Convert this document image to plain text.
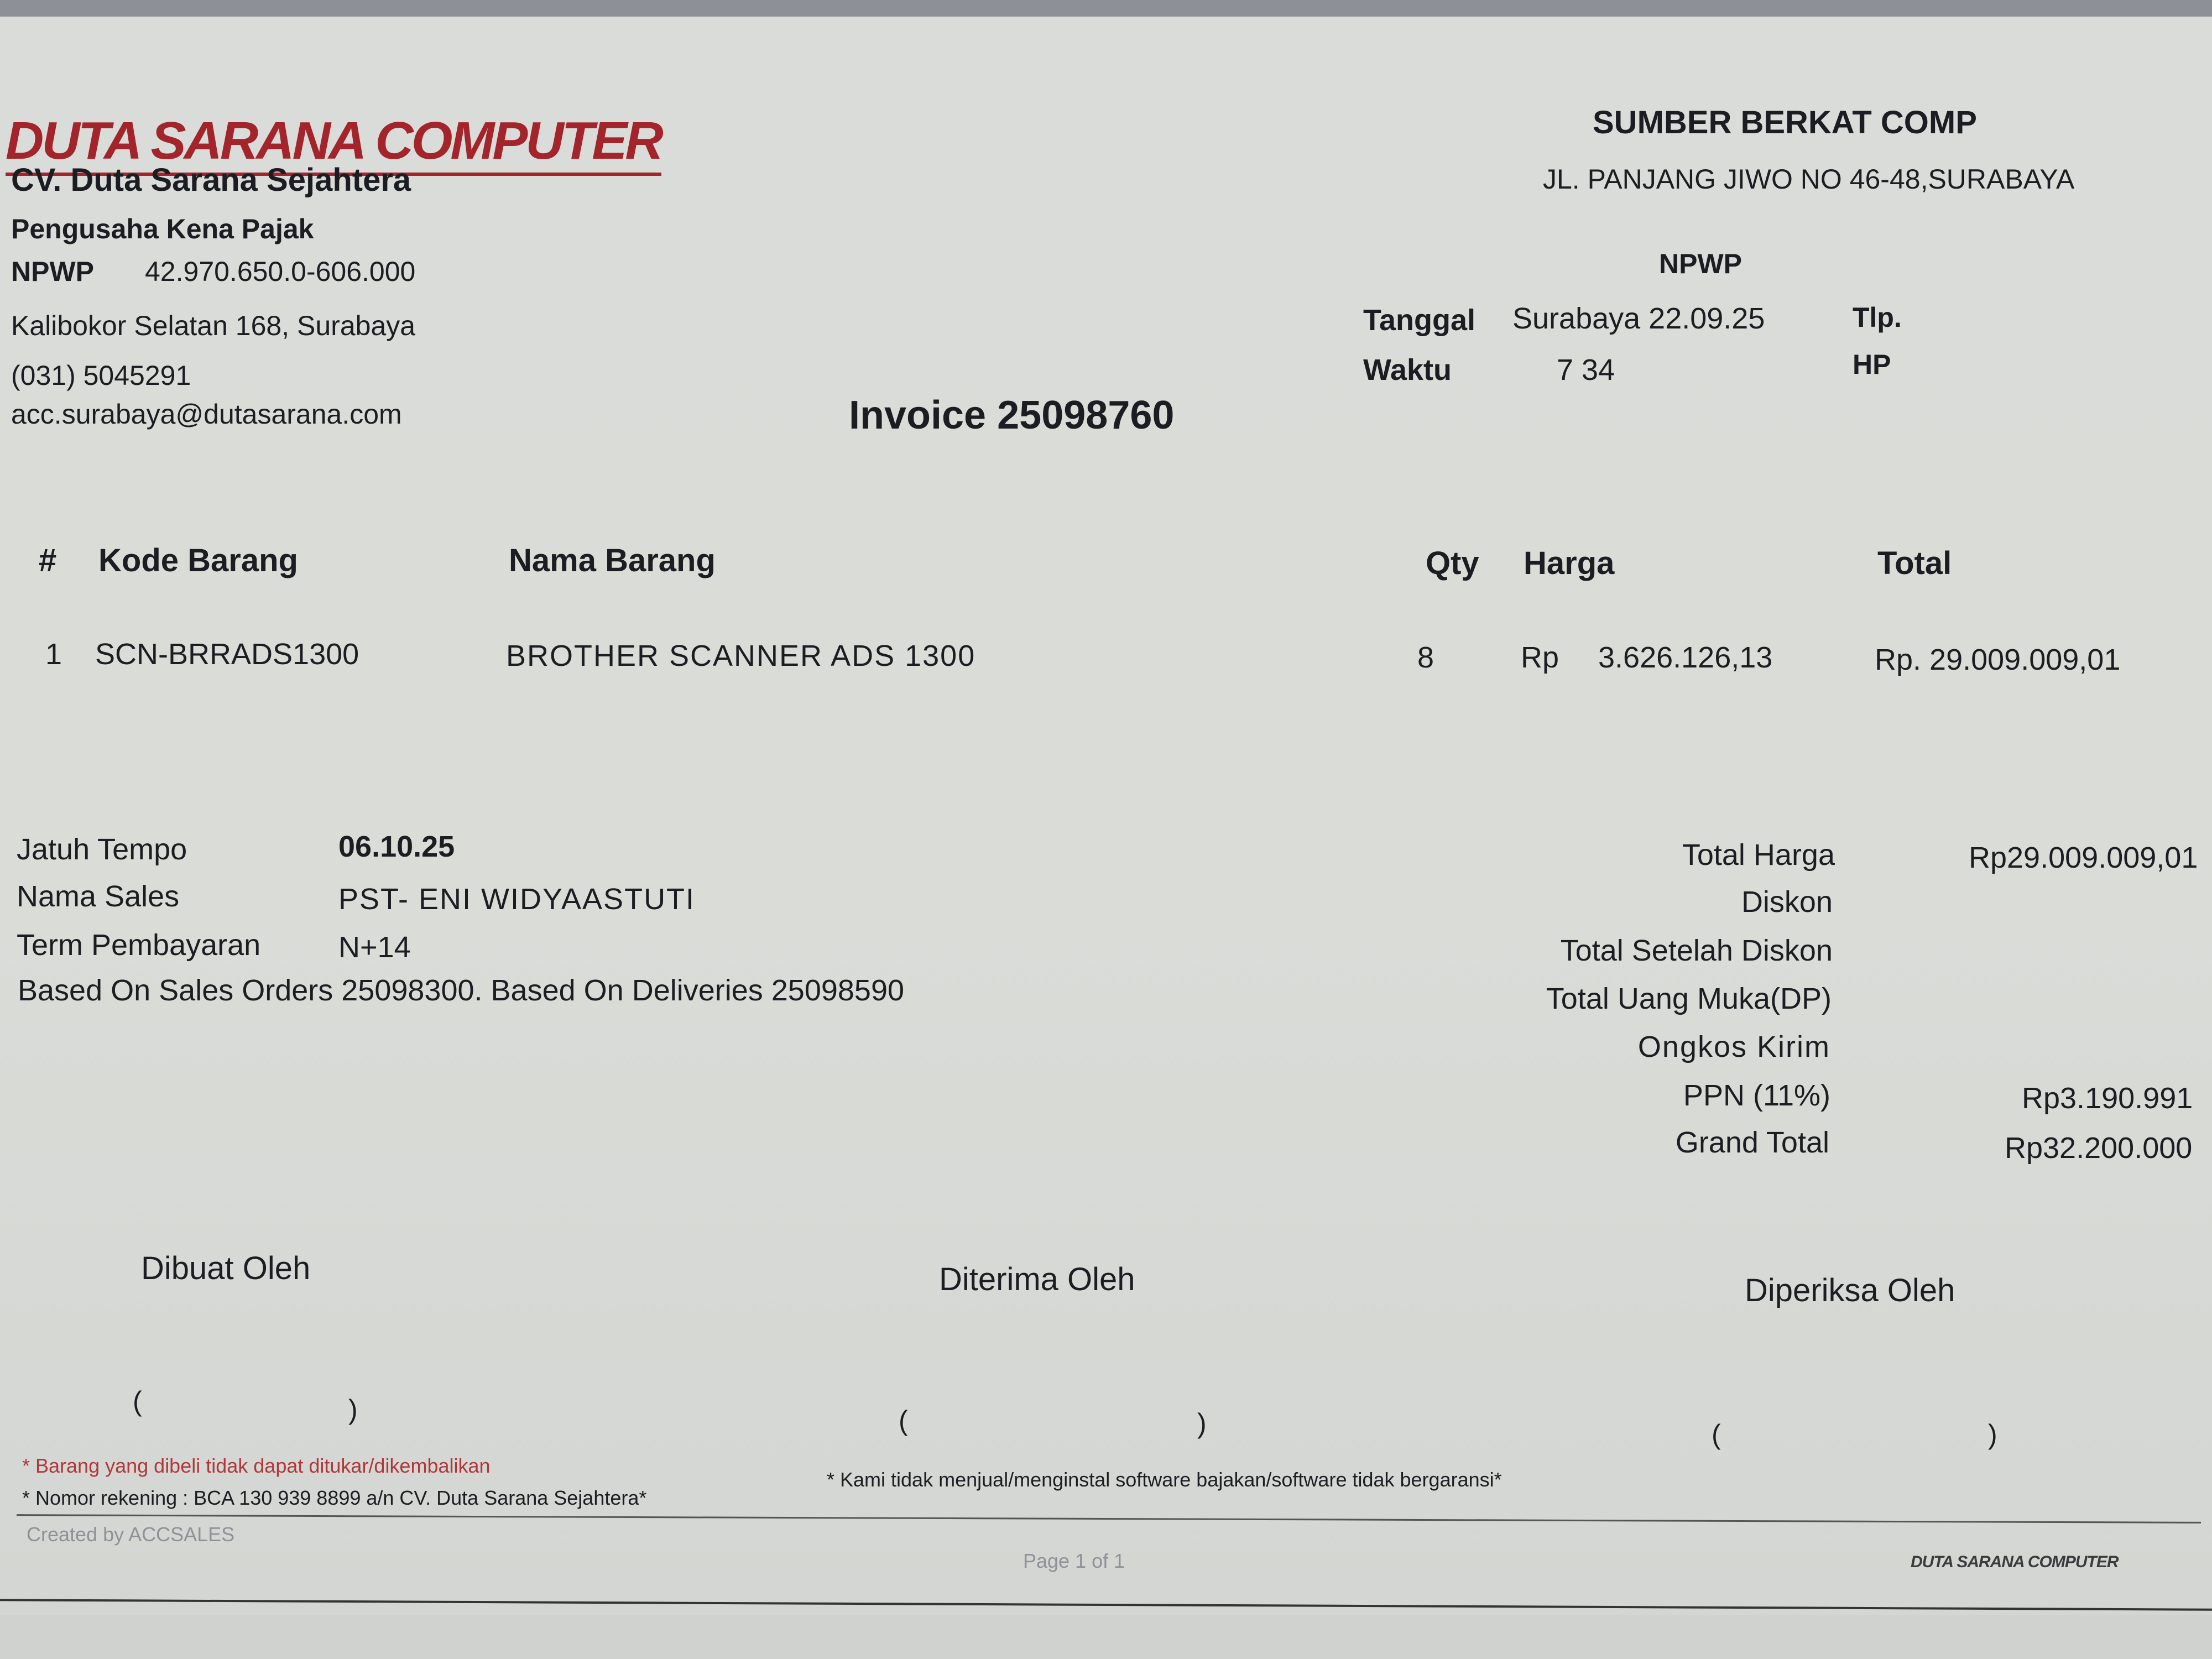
DUTA SARANA COMPUTER
CV. Duta Sarana Sejahtera
Pengusaha Kena Pajak
NPWP 42.970.650.0-606.000
Kalibokor Selatan 168, Surabaya
(031) 5045291
acc.surabaya@dutasarana.com
SUMBER BERKAT COMP
JL. PANJANG JIWO NO 46-48,SURABAYA
NPWP
Tanggal Surabaya 22.09.25	Tlp.
Waktu	7 34	HP
Invoice 25098760
# Kode Barang	Nama Barang	Qty Harga	Total
1 SCN-BRRADS1300	BROTHER SCANNER ADS 1300	8	Rp 3.626.126,13	Rp. 29.009.009,01
Jatuh Tempo	06.10.25
Nama Sales	PST- ENI WIDYAASTUTI
Term Pembayaran	N+14
Based On Sales Orders 25098300. Based On Deliveries 25098590
Total Harga	Rp29.009.009,01
Diskon
Total Setelah Diskon
Total Uang Muka(DP)
Ongkos Kirim
PPN (11%)	Rp3.190.991
Grand Total	Rp32.200.000
Dibuat Oleh	Diterima Oleh	Diperiksa Oleh
(	)	(	)	(	)
* Barang yang dibeli tidak dapat ditukar/dikembalikan
* Nomor rekening : BCA 130 939 8899 a/n CV. Duta Sarana Sejahtera*
* Kami tidak menjual/menginstal software bajakan/software tidak bergaransi*
Created by ACCSALES
Page 1 of 1	DUTA SARANA COMPUTER
